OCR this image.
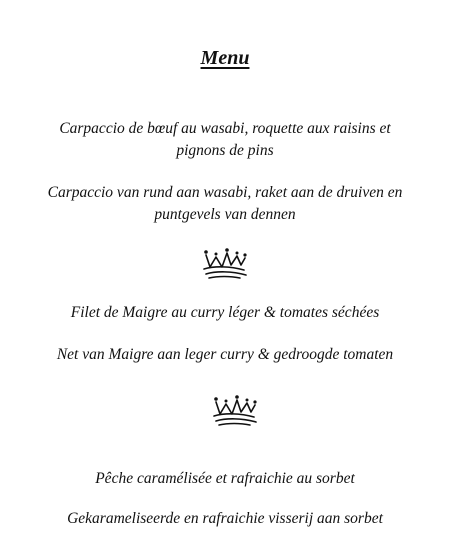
Menu
Carpaccio de bœuf au wasabi, roquette aux raisins et
pignons de pins
Carpaccio van rund aan wasabi, raket aan de druiven en
puntgevels van dennen
Filet de Maigre au curry léger & tomates séchées
Net van Maigre aan leger curry & gedroogde tomaten
Pêche caramélisée et rafraichie au sorbet
Gekarameliseerde en rafraichie visserij aan sorbet
